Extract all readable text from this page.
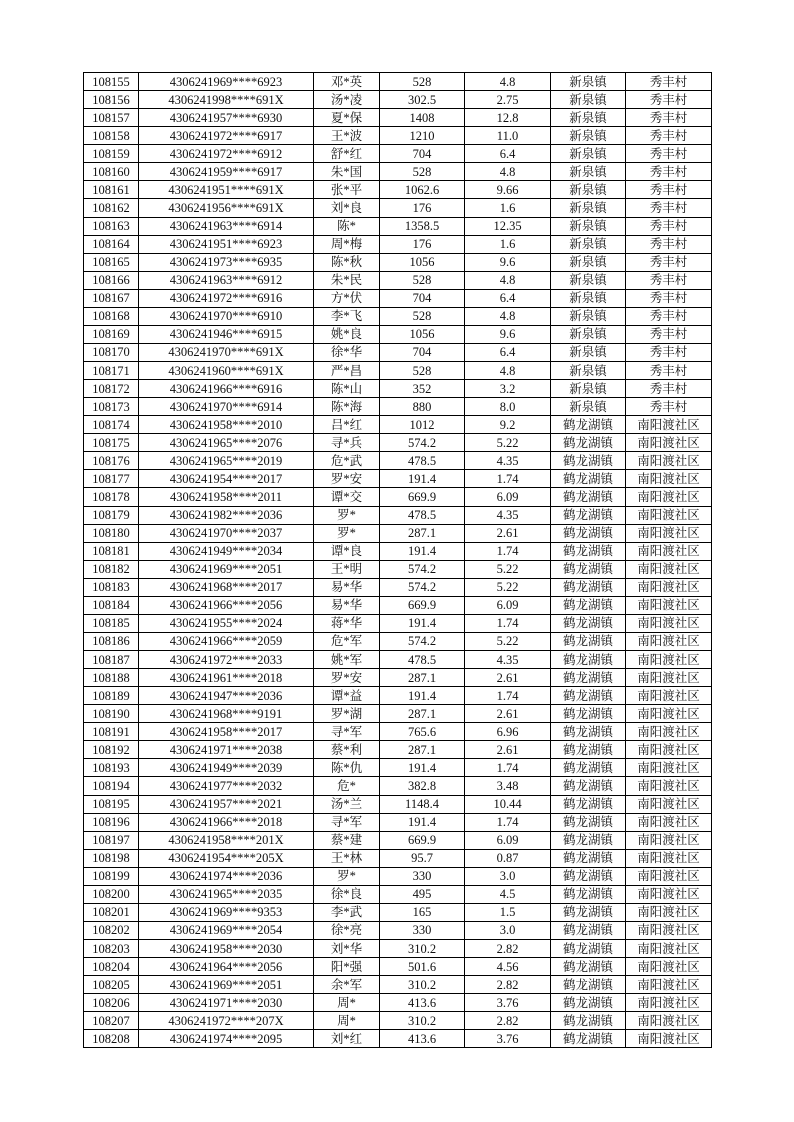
108155	4306241969****6923	邓*英	528	4.8	新泉镇	秀丰村
108156	4306241998****691X	汤*凌	302.5	2.75	新泉镇	秀丰村
108157	4306241957****6930	夏*保	1408	12.8	新泉镇	秀丰村
108158	4306241972****6917	王*波	1210	11.0	新泉镇	秀丰村
108159	4306241972****6912	舒*红	704	6.4	新泉镇	秀丰村
108160	4306241959****6917	朱*国	528	4.8	新泉镇	秀丰村
108161	4306241951****691X	张*平	1062.6	9.66	新泉镇	秀丰村
108162	4306241956****691X	刘*良	176	1.6	新泉镇	秀丰村
108163	4306241963****6914	陈*	1358.5	12.35	新泉镇	秀丰村
108164	4306241951****6923	周*梅	176	1.6	新泉镇	秀丰村
108165	4306241973****6935	陈*秋	1056	9.6	新泉镇	秀丰村
108166	4306241963****6912	朱*民	528	4.8	新泉镇	秀丰村
108167	4306241972****6916	方*伏	704	6.4	新泉镇	秀丰村
108168	4306241970****6910	李*飞	528	4.8	新泉镇	秀丰村
108169	4306241946****6915	姚*良	1056	9.6	新泉镇	秀丰村
108170	4306241970****691X	徐*华	704	6.4	新泉镇	秀丰村
108171	4306241960****691X	严*昌	528	4.8	新泉镇	秀丰村
108172	4306241966****6916	陈*山	352	3.2	新泉镇	秀丰村
108173	4306241970****6914	陈*海	880	8.0	新泉镇	秀丰村
108174	4306241958****2010	吕*红	1012	9.2	鹤龙湖镇	南阳渡社区
108175	4306241965****2076	寻*兵	574.2	5.22	鹤龙湖镇	南阳渡社区
108176	4306241965****2019	危*武	478.5	4.35	鹤龙湖镇	南阳渡社区
108177	4306241954****2017	罗*安	191.4	1.74	鹤龙湖镇	南阳渡社区
108178	4306241958****2011	谭*交	669.9	6.09	鹤龙湖镇	南阳渡社区
108179	4306241982****2036	罗*	478.5	4.35	鹤龙湖镇	南阳渡社区
108180	4306241970****2037	罗*	287.1	2.61	鹤龙湖镇	南阳渡社区
108181	4306241949****2034	谭*良	191.4	1.74	鹤龙湖镇	南阳渡社区
108182	4306241969****2051	王*明	574.2	5.22	鹤龙湖镇	南阳渡社区
108183	4306241968****2017	易*华	574.2	5.22	鹤龙湖镇	南阳渡社区
108184	4306241966****2056	易*华	669.9	6.09	鹤龙湖镇	南阳渡社区
108185	4306241955****2024	蒋*华	191.4	1.74	鹤龙湖镇	南阳渡社区
108186	4306241966****2059	危*军	574.2	5.22	鹤龙湖镇	南阳渡社区
108187	4306241972****2033	姚*军	478.5	4.35	鹤龙湖镇	南阳渡社区
108188	4306241961****2018	罗*安	287.1	2.61	鹤龙湖镇	南阳渡社区
108189	4306241947****2036	谭*益	191.4	1.74	鹤龙湖镇	南阳渡社区
108190	4306241968****9191	罗*湖	287.1	2.61	鹤龙湖镇	南阳渡社区
108191	4306241958****2017	寻*军	765.6	6.96	鹤龙湖镇	南阳渡社区
108192	4306241971****2038	蔡*利	287.1	2.61	鹤龙湖镇	南阳渡社区
108193	4306241949****2039	陈*仇	191.4	1.74	鹤龙湖镇	南阳渡社区
108194	4306241977****2032	危*	382.8	3.48	鹤龙湖镇	南阳渡社区
108195	4306241957****2021	汤*兰	1148.4	10.44	鹤龙湖镇	南阳渡社区
108196	4306241966****2018	寻*军	191.4	1.74	鹤龙湖镇	南阳渡社区
108197	4306241958****201X	蔡*建	669.9	6.09	鹤龙湖镇	南阳渡社区
108198	4306241954****205X	王*林	95.7	0.87	鹤龙湖镇	南阳渡社区
108199	4306241974****2036	罗*	330	3.0	鹤龙湖镇	南阳渡社区
108200	4306241965****2035	徐*良	495	4.5	鹤龙湖镇	南阳渡社区
108201	4306241969****9353	李*武	165	1.5	鹤龙湖镇	南阳渡社区
108202	4306241969****2054	徐*亮	330	3.0	鹤龙湖镇	南阳渡社区
108203	4306241958****2030	刘*华	310.2	2.82	鹤龙湖镇	南阳渡社区
108204	4306241964****2056	阳*强	501.6	4.56	鹤龙湖镇	南阳渡社区
108205	4306241969****2051	余*军	310.2	2.82	鹤龙湖镇	南阳渡社区
108206	4306241971****2030	周*	413.6	3.76	鹤龙湖镇	南阳渡社区
108207	4306241972****207X	周*	310.2	2.82	鹤龙湖镇	南阳渡社区
108208	4306241974****2095	刘*红	413.6	3.76	鹤龙湖镇	南阳渡社区
